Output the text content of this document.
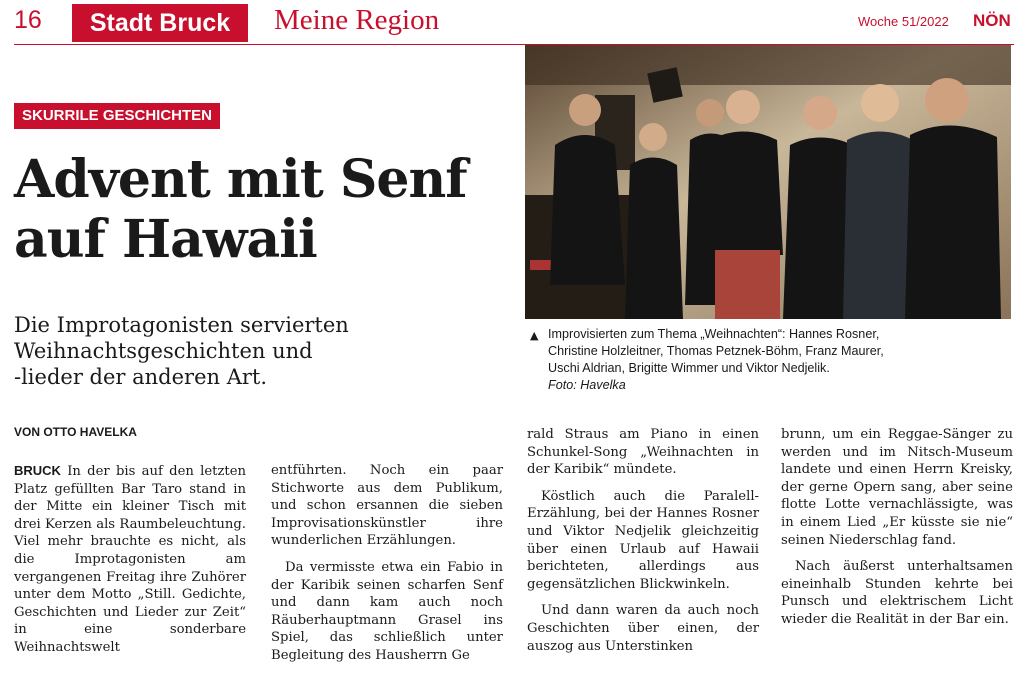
16	Stadt Bruck	Meine Region	Woche 51/2022 NÖN
SKURRILE GESCHICHTEN
Advent mit Senf
auf Hawaii
Die Improtagonisten servierten
Weihnachtsgeschichten und
-lieder der anderen Art.
VON OTTO HAVELKA
▲ Improvisierten zum Thema „Weihnachten“: Hannes Rosner,
Christine Holzleitner, Thomas Petznek-Böhm, Franz Maurer,
Uschi Aldrian, Brigitte Wimmer und Viktor Nedjelik.
Foto: Havelka

BRUCK In der bis auf den letzten Platz gefüllten Bar Taro stand in der Mitte ein kleiner Tisch mit drei Kerzen als Raumbeleuchtung. Viel mehr brauchte es nicht, als die Improtagonisten am vergangenen Freitag ihre Zuhörer unter dem Motto „Still. Gedichte, Geschichten und Lieder zur Zeit“ in eine sonderbare Weihnachtswelt

entführten. Noch ein paar Stichworte aus dem Publikum, und schon ersannen die sieben Improvisationskünstler ihre wunderlichen Erzählungen.

Da vermisste etwa ein Fabio in der Karibik seinen scharfen Senf und dann kam auch noch Räuberhauptmann Grasel ins Spiel, das schließlich unter Begleitung des Hausherrn Ge

rald Straus am Piano in einen Schunkel-Song „Weihnachten in der Karibik“ mündete.

Köstlich auch die Paralell-Erzählung, bei der Hannes Rosner und Viktor Nedjelik gleichzeitig über einen Urlaub auf Hawaii berichteten, allerdings aus gegensätzlichen Blickwinkeln.

Und dann waren da auch noch Geschichten über einen, der auszog aus Unterstinken

brunn, um ein Reggae-Sänger zu werden und im Nitsch-Museum landete und einen Herrn Kreisky, der gerne Opern sang, aber seine flotte Lotte vernachlässigte, was in einem Lied „Er küsste sie nie“ seinen Niederschlag fand.

Nach äußerst unterhaltsamen eineinhalb Stunden kehrte bei Punsch und elektrischem Licht wieder die Realität in der Bar ein.
